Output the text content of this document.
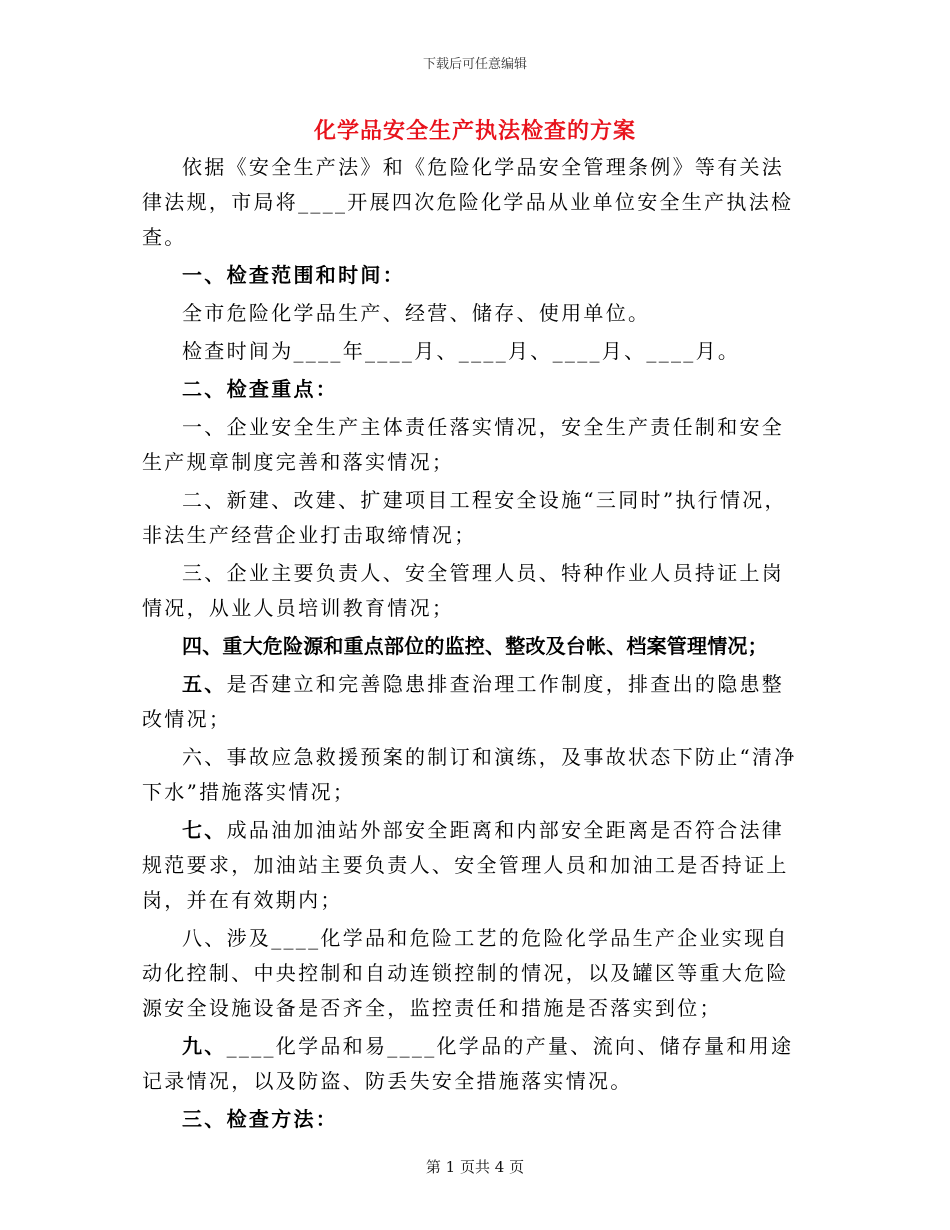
下载后可任意编辑
化学品安全生产执法检查的方案

依据《安全生产法》和《危险化学品安全管理条例》等有关法律法规，市局将____开展四次危险化学品从业单位安全生产执法检查。

一、检查范围和时间：

全市危险化学品生产、经营、储存、使用单位。

检查时间为____年____月、____月、____月、____月。

二、检查重点：

一、企业安全生产主体责任落实情况，安全生产责任制和安全生产规章制度完善和落实情况；

二、新建、改建、扩建项目工程安全设施“三同时”执行情况，非法生产经营企业打击取缔情况；

三、企业主要负责人、安全管理人员、特种作业人员持证上岗情况，从业人员培训教育情况；

四、重大危险源和重点部位的监控、整改及台帐、档案管理情况；

五、是否建立和完善隐患排查治理工作制度，排查出的隐患整改情况；

六、事故应急救援预案的制订和演练，及事故状态下防止“清净下水”措施落实情况；

七、成品油加油站外部安全距离和内部安全距离是否符合法律规范要求，加油站主要负责人、安全管理人员和加油工是否持证上岗，并在有效期内；

八、涉及____化学品和危险工艺的危险化学品生产企业实现自动化控制、中央控制和自动连锁控制的情况，以及罐区等重大危险源安全设施设备是否齐全，监控责任和措施是否落实到位；

九、____化学品和易____化学品的产量、流向、储存量和用途记录情况，以及防盗、防丢失安全措施落实情况。

三、检查方法：

第 1 页共 4 页
